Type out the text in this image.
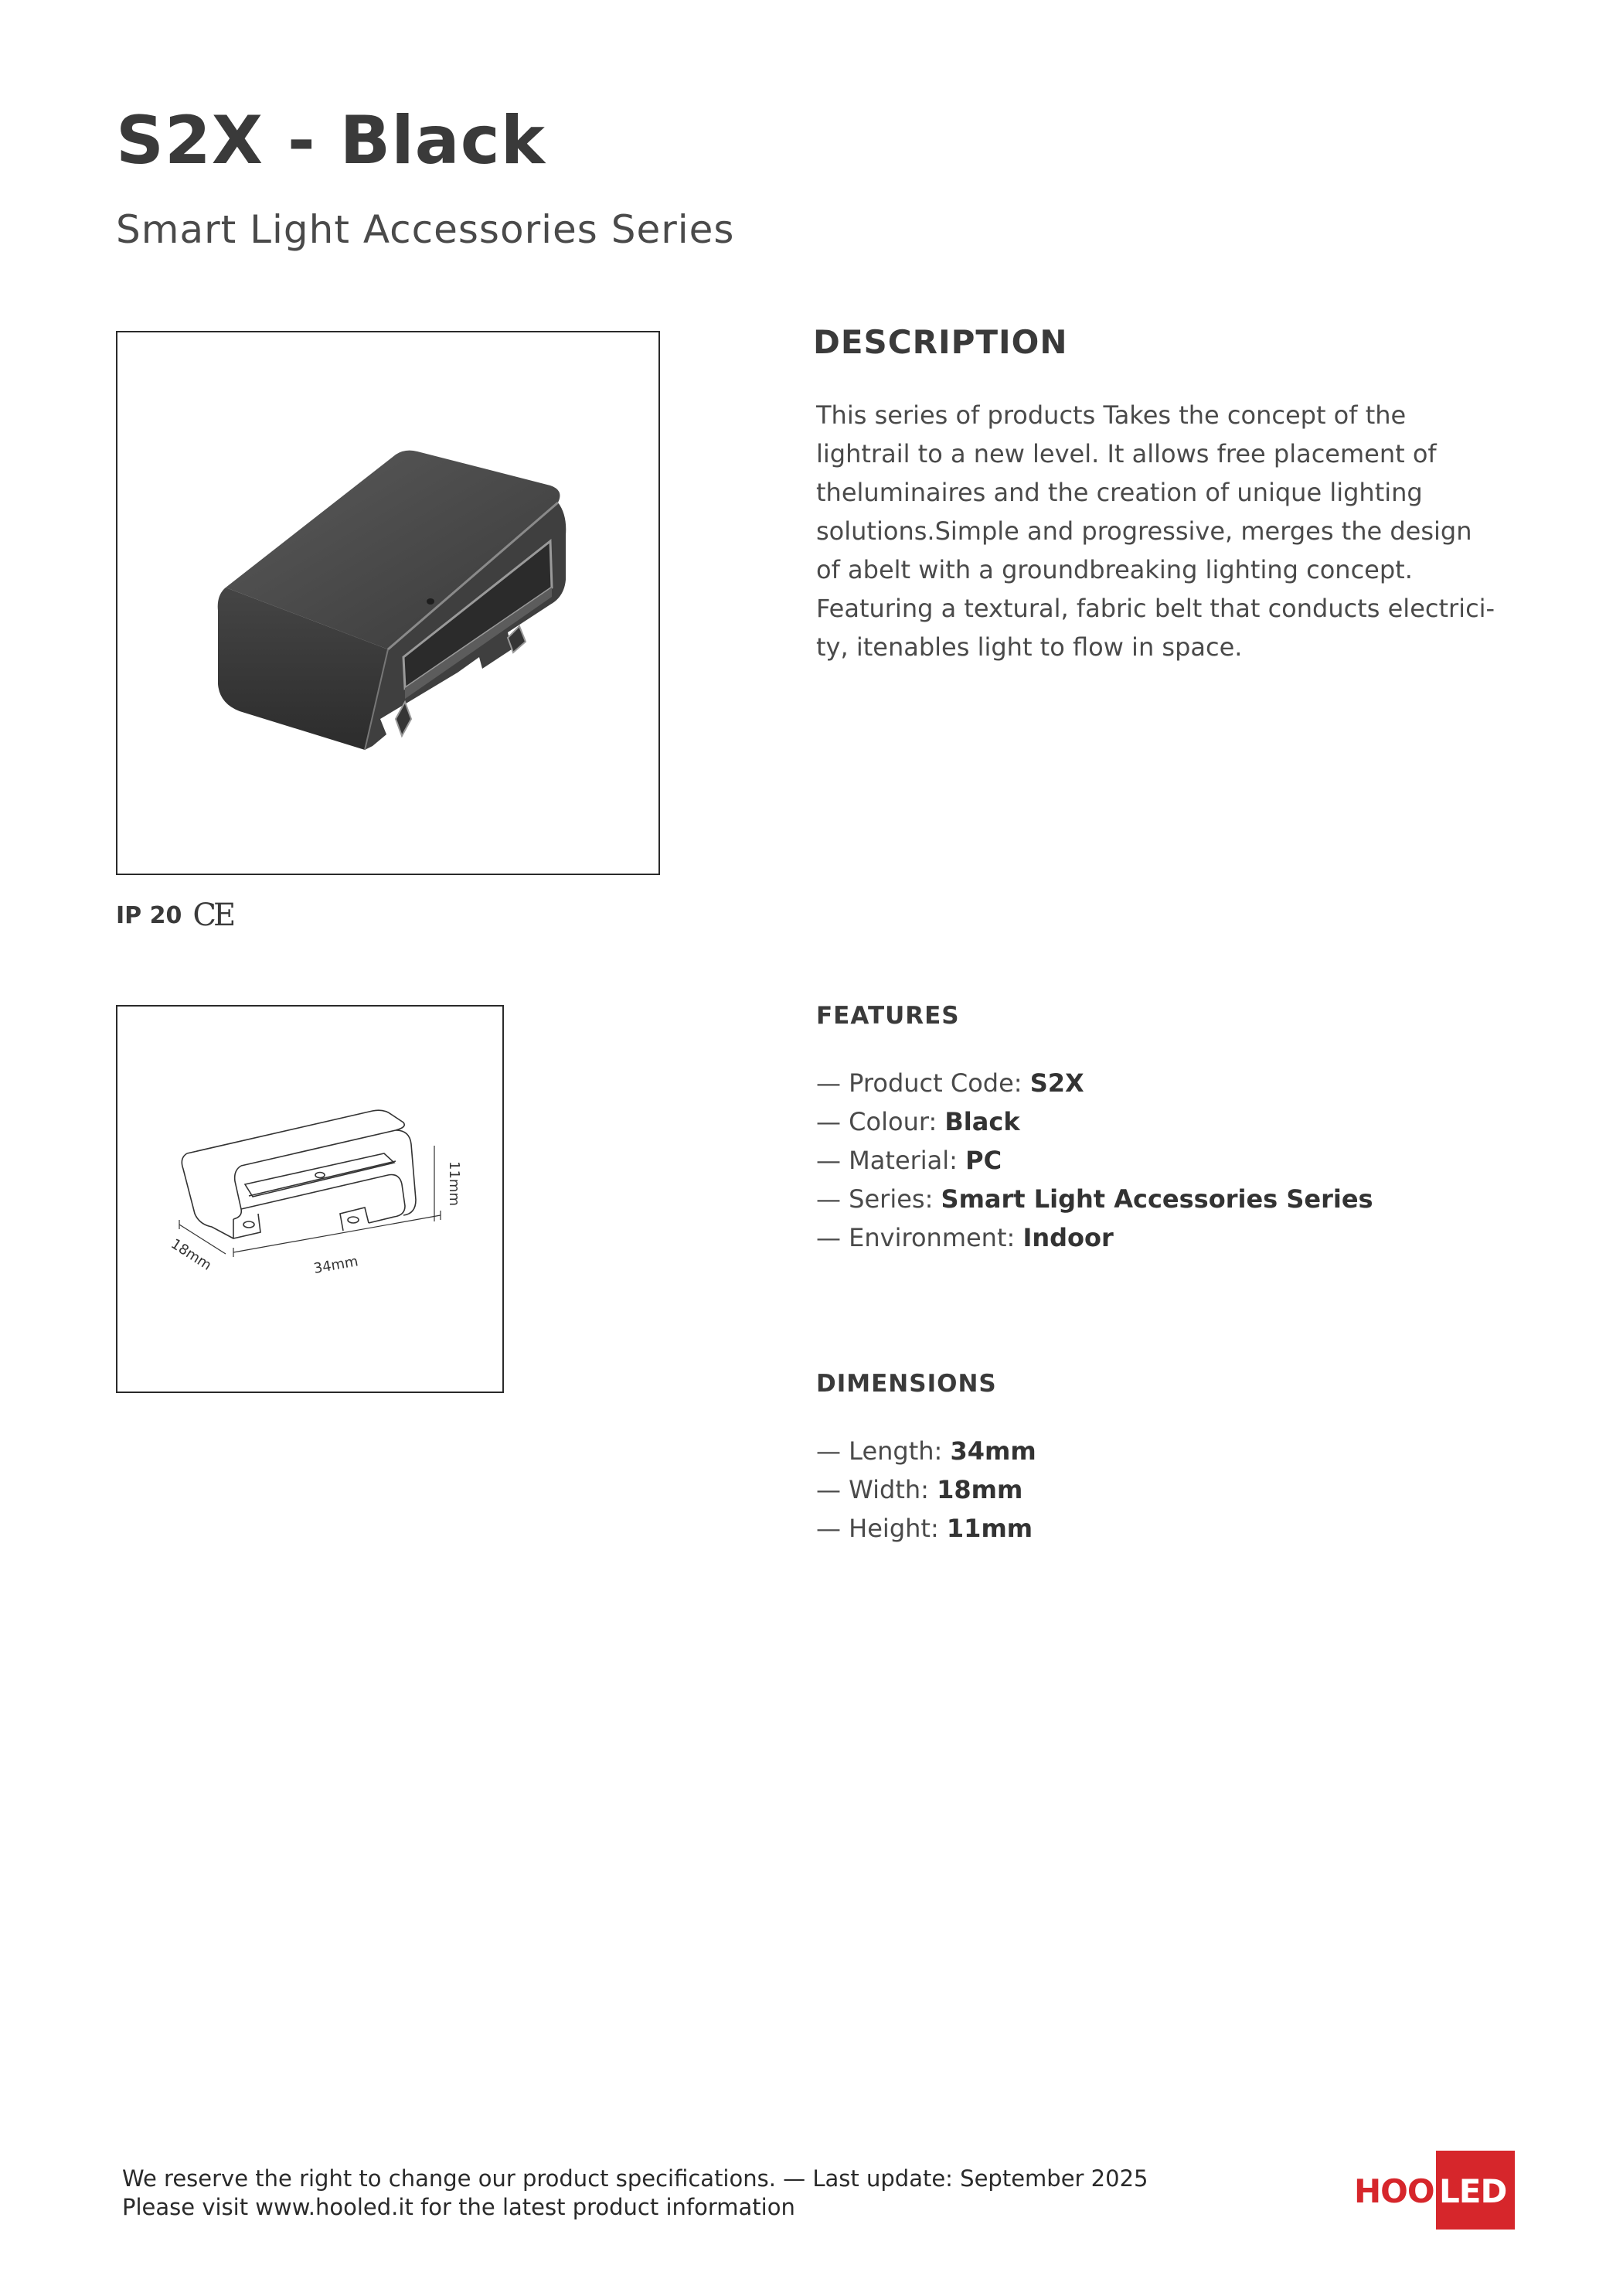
S2X - Black
Smart Light Accessories Series
IP 20 CE
34mm
18mm
11mm
DESCRIPTION
This series of products Takes the concept of the
lightrail to a new level. It allows free placement of
theluminaires and the creation of unique lighting
solutions.Simple and progressive, merges the design
of abelt with a groundbreaking lighting concept.
Featuring a textural, fabric belt that conducts electrici-
ty, itenables light to flow in space.
FEATURES
— Product Code: S2X
— Colour: Black
— Material: PC
— Series: Smart Light Accessories Series
— Environment: Indoor
DIMENSIONS
— Length: 34mm
— Width: 18mm
— Height: 11mm
We reserve the right to change our product specifications. — Last update: September 2025
Please visit www.hooled.it for the latest product information	HOO LED
